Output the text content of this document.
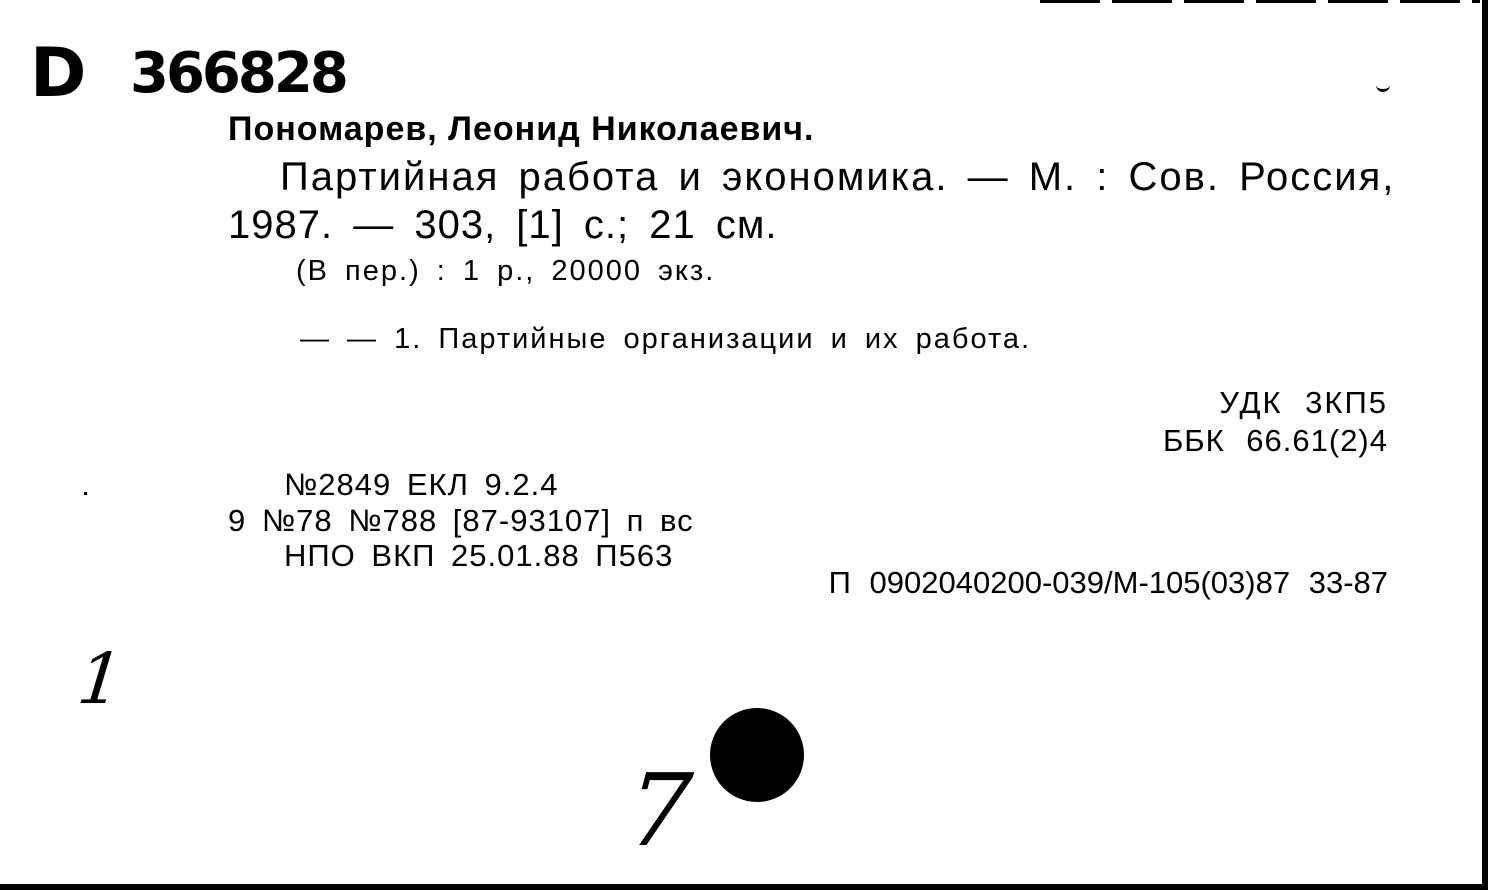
D 366828
Пономарев, Леонид Николаевич.
Партийная работа и экономика. — М. : Сов. Россия,
1987. — 303, [1] с.; 21 см.
(В пер.) : 1 р., 20000 экз.
— — 1. Партийные организации и их работа.
УДК 3КП5
ББК 66.61(2)4
№2849 ЕКЛ 9.2.4
9 №78 №788 [87-93107] п вс
НПО ВКП 25.01.88 П563
П 0902040200-039/М-105(03)87 33-87
1
7
